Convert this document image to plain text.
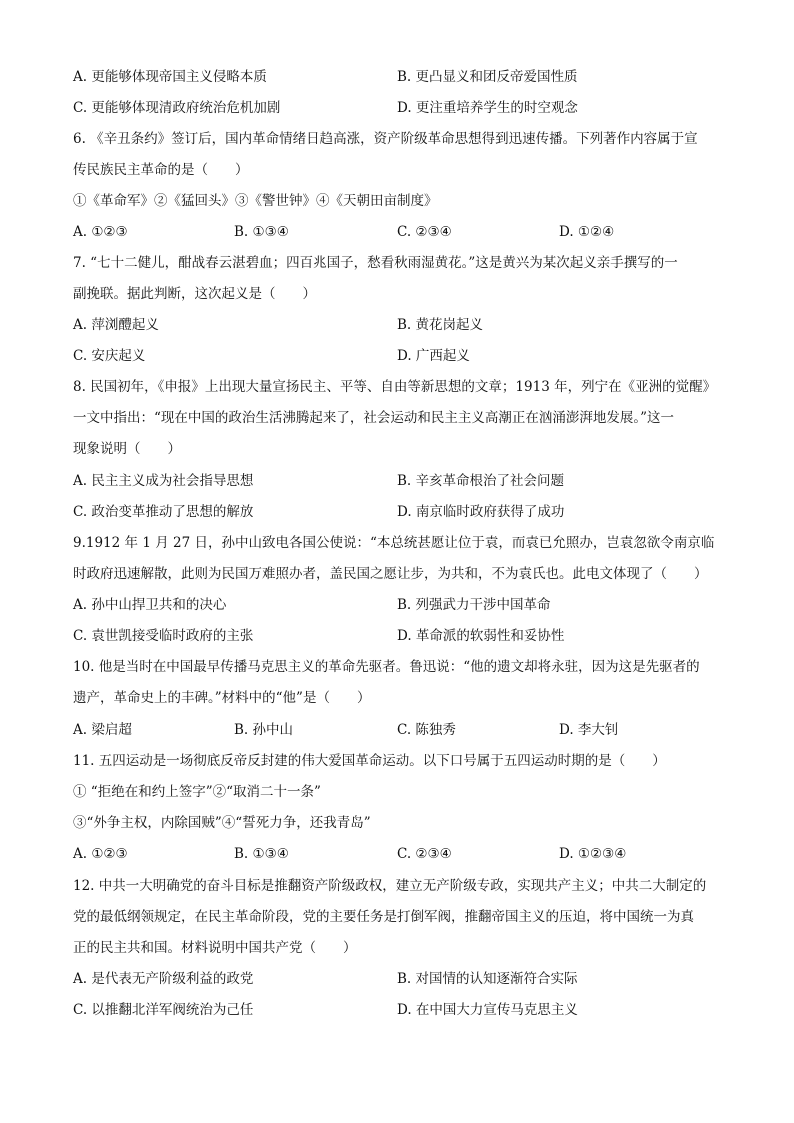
A. 更能够体现帝国主义侵略本质	B. 更凸显义和团反帝爱国性质
C. 更能够体现清政府统治危机加剧	D. 更注重培养学生的时空观念
6. 《辛丑条约》签订后，国内革命情绪日趋高涨，资产阶级革命思想得到迅速传播。下列著作内容属于宣
传民族民主革命的是（　　）
①《革命军》②《猛回头》③《警世钟》④《天朝田亩制度》
A. ①②③	B. ①③④	C. ②③④	D. ①②④
7. “七十二健儿，酣战春云湛碧血；四百兆国子，愁看秋雨湿黄花。”这是黄兴为某次起义亲手撰写的一
副挽联。据此判断，这次起义是（　　）
A. 萍浏醴起义	B. 黄花岗起义
C. 安庆起义	D. 广西起义
8. 民国初年，《申报》上出现大量宣扬民主、平等、自由等新思想的文章；1913 年，列宁在《亚洲的觉醒》
一文中指出：“现在中国的政治生活沸腾起来了，社会运动和民主主义高潮正在汹涌澎湃地发展。”这一
现象说明（　　）
A. 民主主义成为社会指导思想	B. 辛亥革命根治了社会问题
C. 政治变革推动了思想的解放	D. 南京临时政府获得了成功
9.1912 年 1 月 27 日，孙中山致电各国公使说：“本总统甚愿让位于袁，而袁已允照办，岂袁忽欲令南京临
时政府迅速解散，此则为民国万难照办者，盖民国之愿让步，为共和，不为袁氏也。此电文体现了（　　）
A. 孙中山捍卫共和的决心	B. 列强武力干涉中国革命
C. 袁世凯接受临时政府的主张	D. 革命派的软弱性和妥协性
10. 他是当时在中国最早传播马克思主义的革命先驱者。鲁迅说：“他的遗文却将永驻，因为这是先驱者的
遗产，革命史上的丰碑。”材料中的“他”是（　　）
A. 梁启超	B. 孙中山	C. 陈独秀	D. 李大钊
11. 五四运动是一场彻底反帝反封建的伟大爱国革命运动。以下口号属于五四运动时期的是（　　）
① “拒绝在和约上签字”②“取消二十一条”
③“外争主权，内除国贼”④“誓死力争，还我青岛”
A. ①②③	B. ①③④	C. ②③④	D. ①②③④
12. 中共一大明确党的奋斗目标是推翻资产阶级政权，建立无产阶级专政，实现共产主义；中共二大制定的
党的最低纲领规定，在民主革命阶段，党的主要任务是打倒军阀，推翻帝国主义的压迫，将中国统一为真
正的民主共和国。材料说明中国共产党（　　）
A. 是代表无产阶级利益的政党	B. 对国情的认知逐渐符合实际
C. 以推翻北洋军阀统治为己任	D. 在中国大力宣传马克思主义
